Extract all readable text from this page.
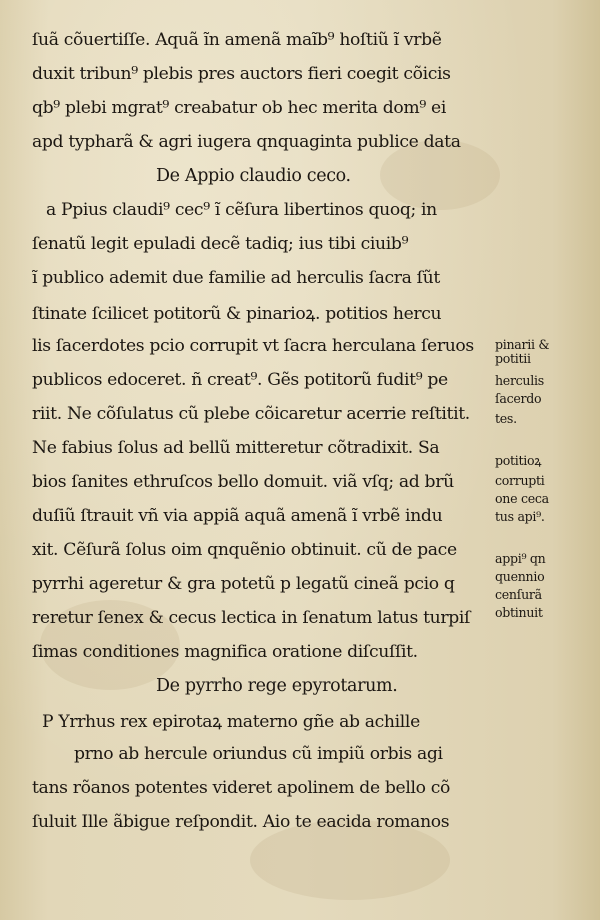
ſuã cõuertiſſe. Aquã ĩn amenã maĩb⁹ hoſtiũ ĩ vrbẽ
duxit tribun⁹ plebis pres auctors fieri coegit cõicis
qb⁹ plebi mgrat⁹ creabatur ob hec merita dom⁹ ei
apd typharã & agri iugera qnquaginta publice data
De Appio claudio ceco.
a Ppius claudi⁹ cec⁹ ĩ cẽſura libertinos quoq; in
ſenatũ legit epuladi decẽ tadiq; ius tibi ciuib⁹
ĩ publico ademit due familie ad herculis ſacra ſũt
ſtinate ſcilicet potitorũ & pinarioꝝ. potitios hercu
lis ſacerdotes pcio corrupit vt ſacra herculana ſeruos
publicos edoceret. ñ creat⁹. Gẽs potitorũ fudit⁹ pe
riit. Ne cõſulatus cũ plebe cõicaretur acerrie reſtitit.
Ne fabius ſolus ad bellũ mitteretur cõtradixit. Sa
bios ſanites ethruſcos bello domuit. viã vſq; ad brũ
duſiũ ſtrauit vñ via appiã aquã amenã ĩ vrbẽ indu
xit. Cẽſurã ſolus oim qnquẽnio obtinuit. cũ de pace
pyrrhi ageretur & gra potetũ p legatũ cineã pcio q
reretur ſenex & cecus lectica in ſenatum latus turpiſ
ſimas conditiones magnifica oratione diſcuſſit.
De pyrrho rege epyrotarum.
P Yrrhus rex epirotaꝝ materno gñe ab achille
prno ab hercule oriundus cũ impiũ orbis agi
tans rõanos potentes videret apolinem de bello cõ
ſuluit Ille ãbigue reſpondit. Aio te eacida romanos
pinarii &
potitii
herculis
ſacerdo
tes.
potitioꝝ
corrupti
one ceca
tus api⁹.
appi⁹ qn
quennio
cenſurã
obtinuit
